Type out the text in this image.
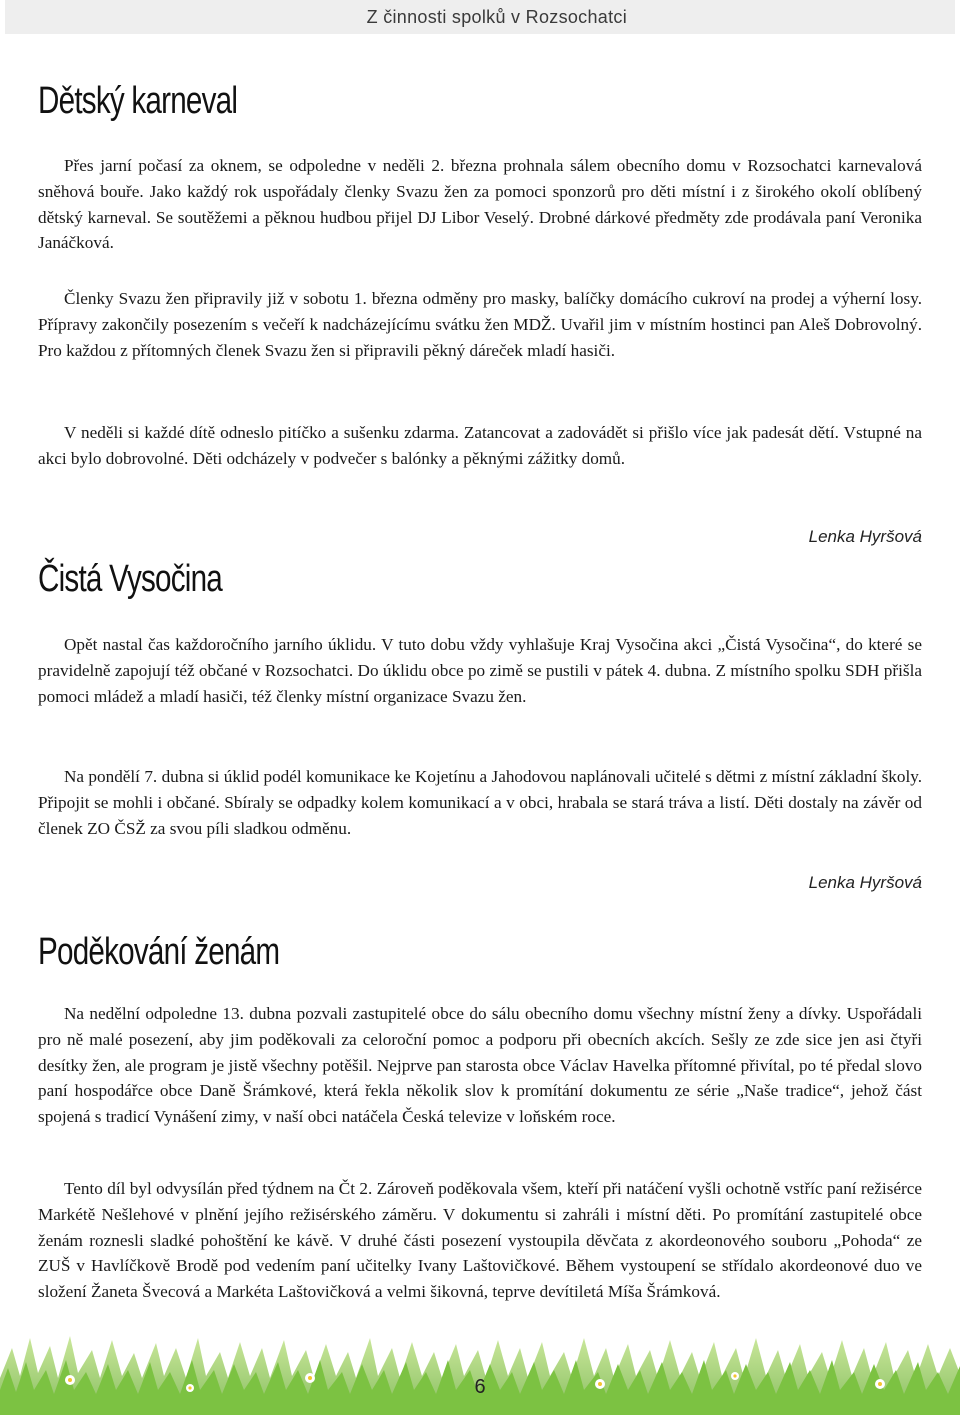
Z činnosti spolků v Rozsochatci
Dětský karneval

Přes jarní počasí za oknem, se odpoledne v neděli 2. března prohnala sálem obecního domu v Rozsochatci karnevalová sněhová bouře. Jako každý rok uspořádaly členky Svazu žen za pomoci sponzorů pro děti místní i z širokého okolí oblíbený dětský karneval. Se soutěžemi a pěknou hudbou přijel DJ Libor Veselý. Drobné dárkové předměty zde prodávala paní Veronika Janáčková.

Členky Svazu žen připravily již v sobotu 1. března odměny pro masky, balíčky domácího cukroví na prodej a výherní losy. Přípravy zakončily posezením s večeří k nadcházejícímu svátku žen MDŽ. Uvařil jim v místním hostinci pan Aleš Dobrovolný. Pro každou z přítomných členek Svazu žen si připravili pěkný dáreček mladí hasiči.

V neděli si každé dítě odneslo pitíčko a sušenku zdarma. Zatancovat a zadovádět si přišlo více jak padesát dětí. Vstupné na akci bylo dobrovolné. Děti odcházely v podvečer s balónky a pěknými zážitky domů.

Lenka Hyršová

Čistá Vysočina

Opět nastal čas každoročního jarního úklidu. V tuto dobu vždy vyhlašuje Kraj Vysočina akci „Čistá Vysočina“, do které se pravidelně zapojují též občané v Rozsochatci. Do úklidu obce po zimě se pustili v pátek 4. dubna. Z místního spolku SDH přišla pomoci mládež a mladí hasiči, též členky místní organizace Svazu žen.

Na pondělí 7. dubna si úklid podél komunikace ke Kojetínu a Jahodovou naplánovali učitelé s dětmi z místní základní školy. Připojit se mohli i občané. Sbíraly se odpadky kolem komunikací a v obci, hrabala se stará tráva a listí. Děti dostaly na závěr od členek ZO ČSŽ za svou píli sladkou odměnu.

Lenka Hyršová

Poděkování ženám

Na nedělní odpoledne 13. dubna pozvali zastupitelé obce do sálu obecního domu všechny místní ženy a dívky. Uspořádali pro ně malé posezení, aby jim poděkovali za celoroční pomoc a podporu při obecních akcích. Sešly ze zde sice jen asi čtyři desítky žen, ale program je jistě všechny potěšil. Nejprve pan starosta obce Václav Havelka přítomné přivítal, po té předal slovo paní hospodářce obce Daně Šrámkové, která řekla několik slov k promítání dokumentu ze série „Naše tradice“, jehož část spojená s tradicí Vynášení zimy, v naší obci natáčela Česká televize v loňském roce.

Tento díl byl odvysílán před týdnem na Čt 2. Zároveň poděkovala všem, kteří při natáčení vyšli ochotně vstříc paní režisérce Markétě Nešlehové v plnění jejího režisérského záměru. V dokumentu si zahráli i místní děti. Po promítání zastupitelé obce ženám roznesli sladké pohoštění ke kávě. V druhé části posezení vystoupila děvčata z akordeonového souboru „Pohoda“ ze ZUŠ v Havlíčkově Brodě pod vedením paní učitelky Ivany Laštovičkové. Během vystoupení se střídalo akordeonové duo ve složení Žaneta Švecová a Markéta Laštovičková a velmi šikovná, teprve devítiletá Míša Šrámková.

6
